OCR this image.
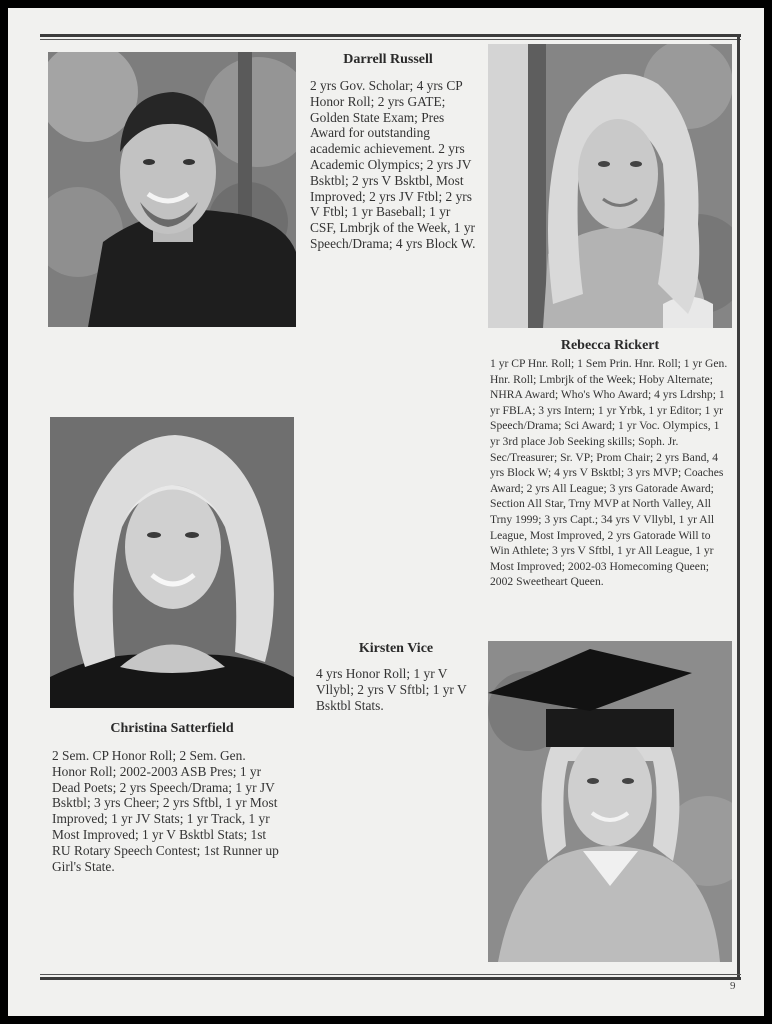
Darrell Russell

2 yrs Gov. Scholar; 4 yrs CP Honor Roll; 2 yrs GATE; Golden State Exam; Pres Award for outstanding academic achievement. 2 yrs Academic Olympics; 2 yrs JV Bsktbl; 2 yrs V Bsktbl, Most Improved; 2 yrs JV Ftbl; 2 yrs V Ftbl; 1 yr Baseball; 1 yr CSF, Lmbrjk of the Week, 1 yr Speech/Drama; 4 yrs Block W.

Rebecca Rickert

1 yr CP Hnr. Roll; 1 Sem Prin. Hnr. Roll; 1 yr Gen. Hnr. Roll; Lmbrjk of the Week; Hoby Alternate; NHRA Award; Who's Who Award; 4 yrs Ldrshp; 1 yr FBLA; 3 yrs Intern; 1 yr Yrbk, 1 yr Editor; 1 yr Speech/Drama; Sci Award; 1 yr Voc. Olympics, 1 yr 3rd place Job Seeking skills; Soph. Jr. Sec/Treasurer; Sr. VP; Prom Chair; 2 yrs Band, 4 yrs Block W; 4 yrs V Bsktbl; 3 yrs MVP; Coaches Award; 2 yrs All League; 3 yrs Gatorade Award; Section All Star, Trny MVP at North Valley, All Trny 1999; 3 yrs Capt.; 34 yrs V Vllybl, 1 yr All League, Most Improved, 2 yrs Gatorade Will to Win Athlete; 3 yrs V Sftbl, 1 yr All League, 1 yr Most Improved; 2002-03 Homecoming Queen; 2002 Sweetheart Queen.

Christina Satterfield

2 Sem. CP Honor Roll; 2 Sem. Gen. Honor Roll; 2002-2003 ASB Pres; 1 yr Dead Poets; 2 yrs Speech/Drama; 1 yr JV Bsktbl; 3 yrs Cheer; 2 yrs Sftbl, 1 yr Most Improved; 1 yr JV Stats; 1 yr Track, 1 yr Most Improved; 1 yr V Bsktbl Stats; 1st RU Rotary Speech Contest; 1st Runner up Girl's State.

Kirsten Vice

4 yrs Honor Roll; 1 yr V Vllybl; 2 yrs V Sftbl; 1 yr V Bsktbl Stats.

9
